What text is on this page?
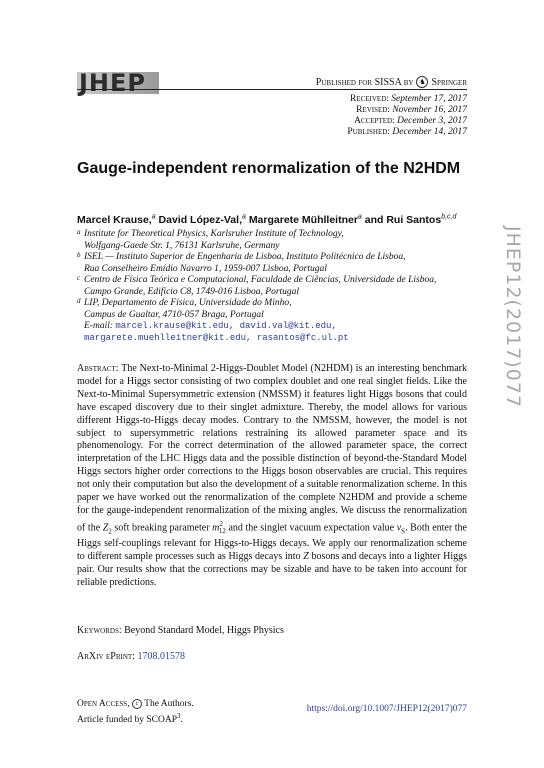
JHEP	Published for SISSA by ♞ Springer
Received: September 17, 2017
Revised: November 16, 2017
Accepted: December 3, 2017
Published: December 14, 2017
JHEP12(2017)077
Gauge-independent renormalization of the N2HDM
Marcel Krause,$^a$ David López-Val,$^a$ Margarete Mühlleitner$^a$ and Rui Santos$^{b,c,d}$
a Institute for Theoretical Physics, Karlsruher Institute of Technology,
Wolfgang-Gaede Str. 1, 76131 Karlsruhe, Germany
b ISEL — Instituto Superior de Engenharia de Lisboa, Instituto Politécnico de Lisboa,
Rua Conselheiro Emídio Navarro 1, 1959-007 Lisboa, Portugal
c Centro de Física Teórica e Computacional, Faculdade de Ciências, Universidade de Lisboa,
Campo Grande, Edifício C8, 1749-016 Lisboa, Portugal
d LIP, Departamento de Física, Universidade do Minho,
Campus de Gualtar, 4710-057 Braga, Portugal
E-mail: marcel.krause@kit.edu, david.val@kit.edu,
margarete.muehlleitner@kit.edu, rasantos@fc.ul.pt
Abstract: The Next-to-Minimal 2-Higgs-Doublet Model (N2HDM) is an interesting benchmark model for a Higgs sector consisting of two complex doublet and one real singlet fields. Like the Next-to-Minimal Supersymmetric extension (NMSSM) it features light Higgs bosons that could have escaped discovery due to their singlet admixture. Thereby, the model allows for various different Higgs-to-Higgs decay modes. Contrary to the NMSSM, however, the model is not subject to supersymmetric relations restraining its allowed parameter space and its phenomenology. For the correct determination of the allowed parameter space, the correct interpretation of the LHC Higgs data and the possible distinction of beyond-the-Standard Model Higgs sectors higher order corrections to the Higgs boson observables are crucial. This requires not only their computation but also the development of a suitable renormalization scheme. In this paper we have worked out the renormalization of the complete N2HDM and provide a scheme for the gauge-independent renormalization of the mixing angles. We discuss the renormalization of the $Z_2$ soft breaking parameter $m^2_{12}$ and the singlet vacuum expectation value $v_S$. Both enter the Higgs self-couplings relevant for Higgs-to-Higgs decays. We apply our renormalization scheme to different sample processes such as Higgs decays into Z bosons and decays into a lighter Higgs pair. Our results show that the corrections may be sizable and have to be taken into account for reliable predictions.
Keywords: Beyond Standard Model, Higgs Physics
ArXiv ePrint: 1708.01578
Open Access, c The Authors.
Article funded by SCOAP$^3$.
https://doi.org/10.1007/JHEP12(2017)077
